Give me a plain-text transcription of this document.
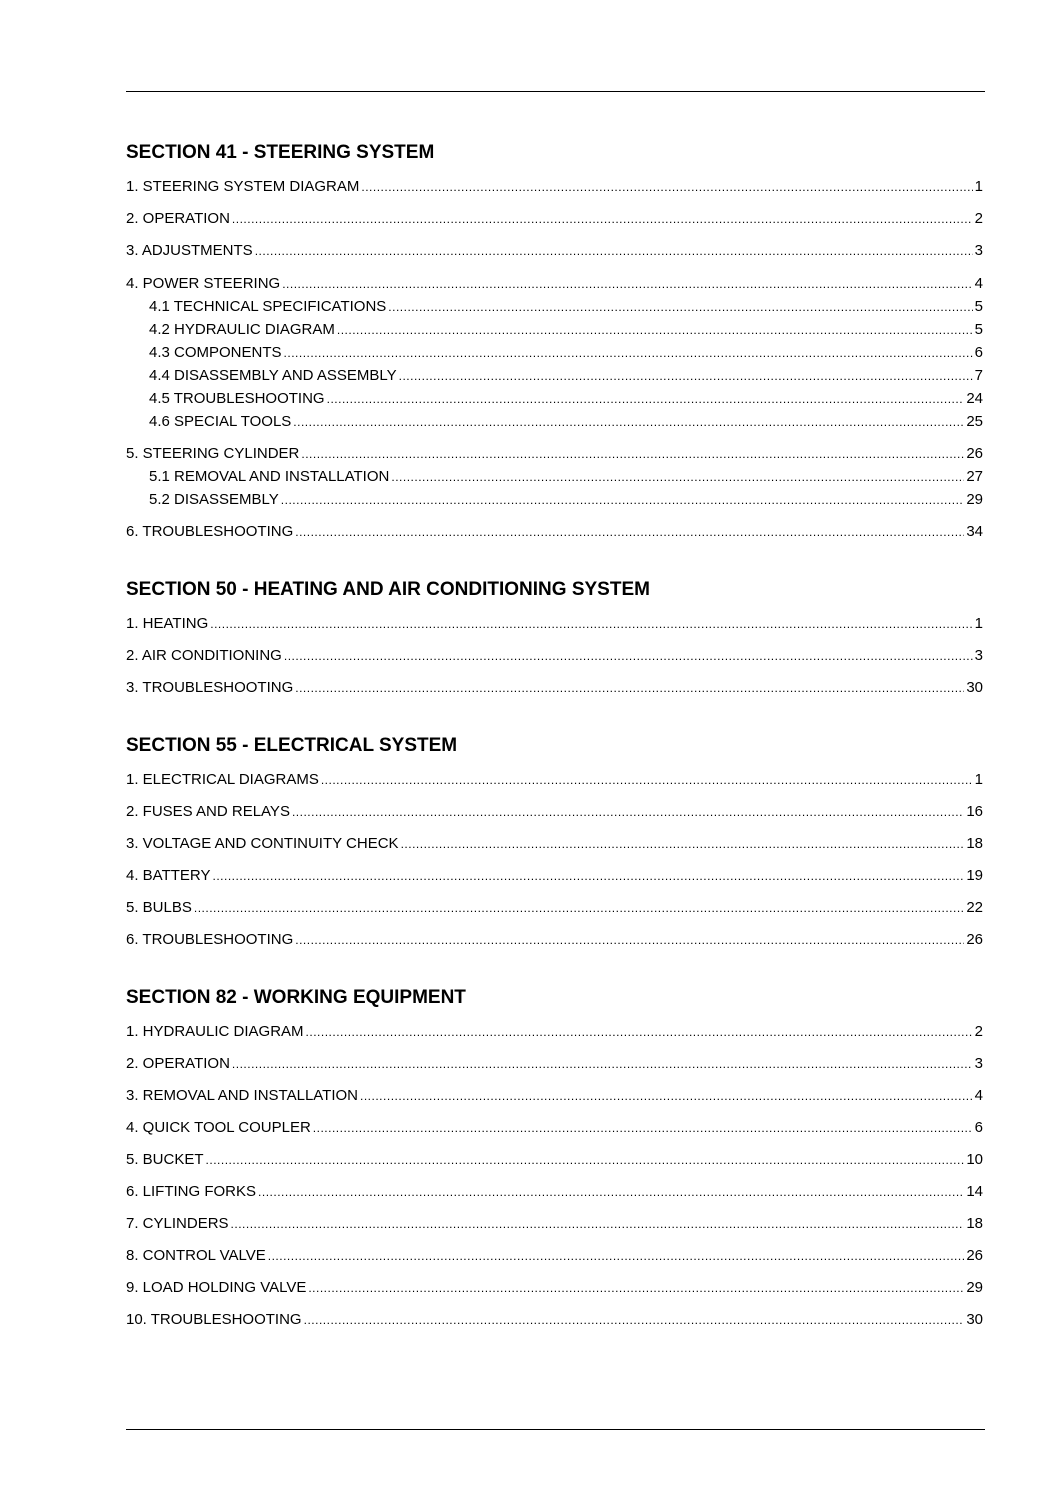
SECTION 41 - STEERING SYSTEM
1. STEERING SYSTEM DIAGRAM .....	1
2. OPERATION .....	2
3. ADJUSTMENTS .....	3
4. POWER STEERING .....	4
4.1 TECHNICAL SPECIFICATIONS .....	5
4.2 HYDRAULIC DIAGRAM .....	5
4.3 COMPONENTS .....	6
4.4 DISASSEMBLY AND ASSEMBLY .....	7
4.5 TROUBLESHOOTING .....	24
4.6 SPECIAL TOOLS .....	25
5. STEERING CYLINDER .....	26
5.1 REMOVAL AND INSTALLATION .....	27
5.2 DISASSEMBLY .....	29
6. TROUBLESHOOTING .....	34
SECTION 50 - HEATING AND AIR CONDITIONING SYSTEM
1. HEATING .....	1
2. AIR CONDITIONING .....	3
3. TROUBLESHOOTING .....	30
SECTION 55 - ELECTRICAL SYSTEM
1. ELECTRICAL DIAGRAMS .....	1
2. FUSES AND RELAYS .....	16
3. VOLTAGE AND CONTINUITY CHECK .....	18
4. BATTERY .....	19
5. BULBS .....	22
6. TROUBLESHOOTING .....	26
SECTION 82 - WORKING EQUIPMENT
1. HYDRAULIC DIAGRAM .....	2
2. OPERATION .....	3
3. REMOVAL AND INSTALLATION .....	4
4. QUICK TOOL COUPLER .....	6
5. BUCKET .....	10
6. LIFTING FORKS .....	14
7. CYLINDERS .....	18
8. CONTROL VALVE .....	26
9. LOAD HOLDING VALVE .....	29
10. TROUBLESHOOTING .....	30
